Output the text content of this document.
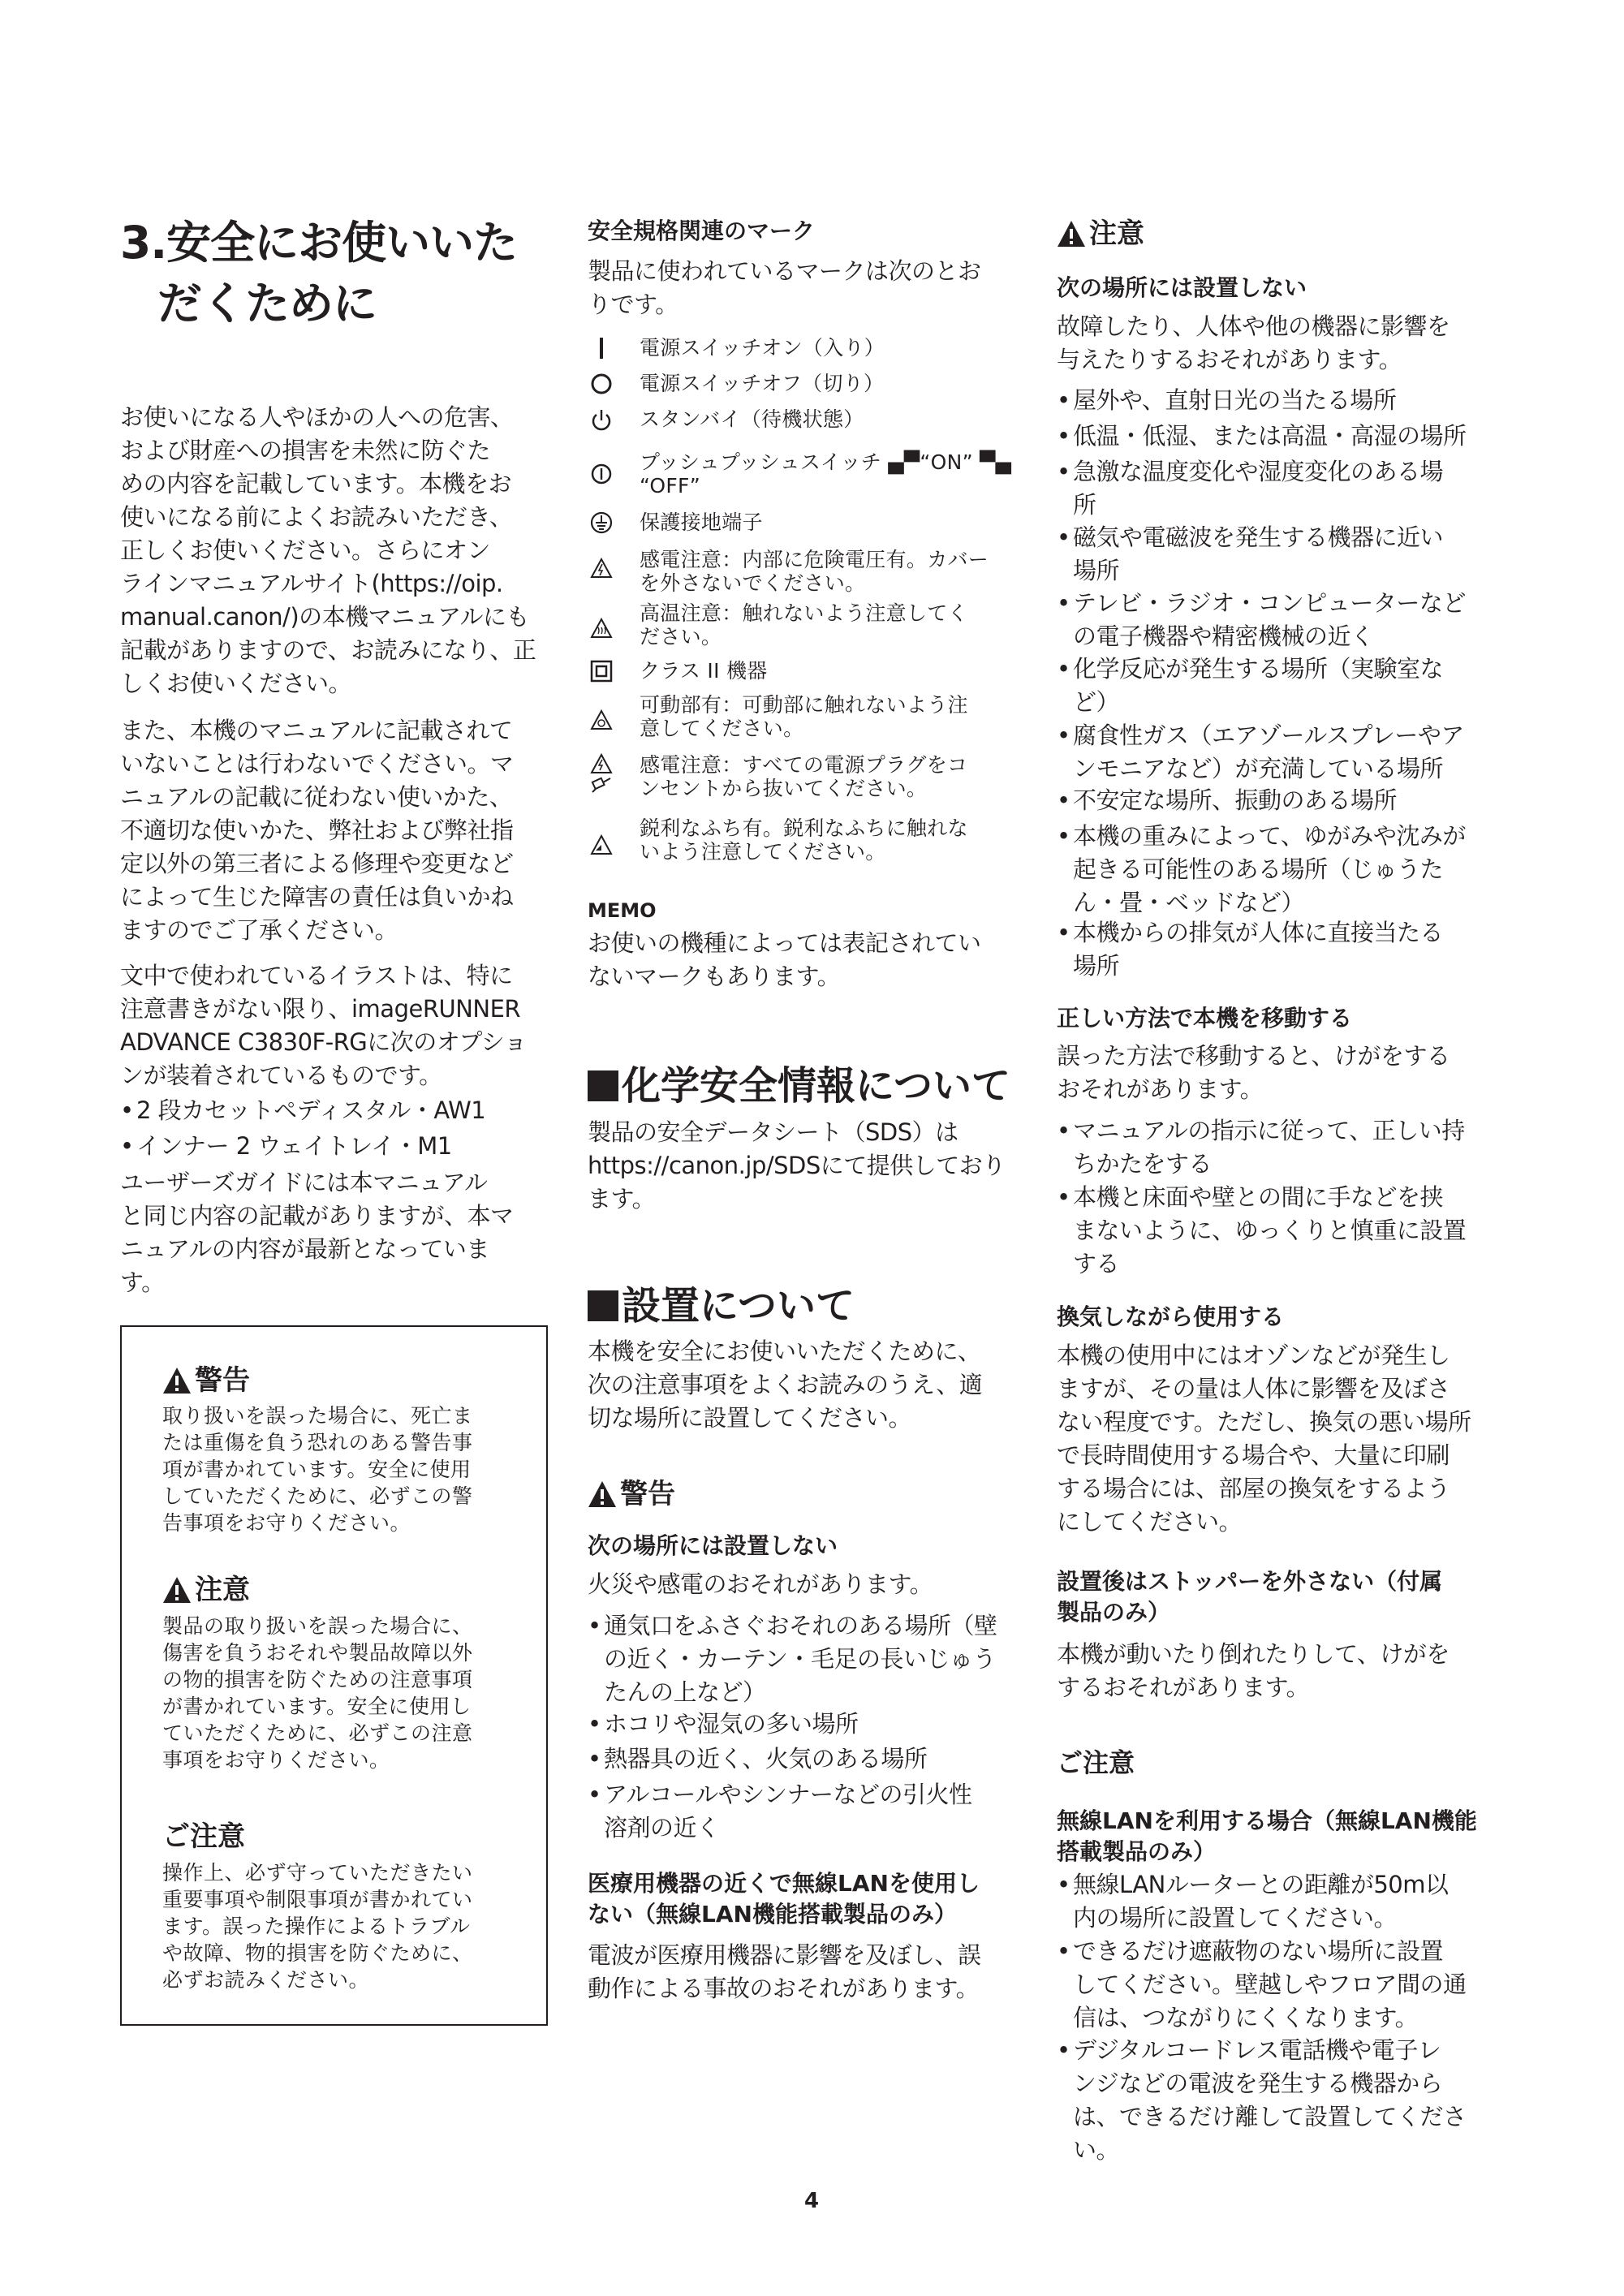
3.安全にお使いいた
だくために
お使いになる人やほかの人への危害、
および財産への損害を未然に防ぐた
めの内容を記載しています。本機をお
使いになる前によくお読みいただき、
正しくお使いください。さらにオン
ラインマニュアルサイト(https://oip.
manual.canon/)の本機マニュアルにも
記載がありますので、お読みになり、正
しくお使いください。
また、本機のマニュアルに記載されて
いないことは行わないでください。マ
ニュアルの記載に従わない使いかた、
不適切な使いかた、弊社および弊社指
定以外の第三者による修理や変更など
によって生じた障害の責任は負いかね
ますのでご了承ください。
文中で使われているイラストは、特に
注意書きがない限り、imageRUNNER
ADVANCE C3830F-RGに次のオプショ
ンが装着されているものです。
• 2 段カセットペディスタル・AW1
• インナー 2 ウェイトレイ・M1
ユーザーズガイドには本マニュアル
と同じ内容の記載がありますが、本マ
ニュアルの内容が最新となっていま
す。
警告
取り扱いを誤った場合に、死亡ま
たは重傷を負う恐れのある警告事
項が書かれています。安全に使用
していただくために、必ずこの警
告事項をお守りください。
注意
製品の取り扱いを誤った場合に、
傷害を負うおそれや製品故障以外
の物的損害を防ぐための注意事項
が書かれています。安全に使用し
ていただくために、必ずこの注意
事項をお守りください。
ご注意
操作上、必ず守っていただきたい
重要事項や制限事項が書かれてい
ます。誤った操作によるトラブル
や故障、物的損害を防ぐために、
必ずお読みください。
安全規格関連のマーク
製品に使われているマークは次のとお
りです。
電源スイッチオン（入り）
電源スイッチオフ（切り）
スタンバイ（待機状態）
プッシュプッシュスイッチ ▄▀“ON” ▀▄
“OFF”
保護接地端子
感電注意：内部に危険電圧有。カバー
を外さないでください。
高温注意：触れないよう注意してく
ださい。
クラス II 機器
可動部有：可動部に触れないよう注
意してください。
感電注意：すべての電源プラグをコ
ンセントから抜いてください。
鋭利なふち有。鋭利なふちに触れな
いよう注意してください。
MEMO
お使いの機種によっては表記されてい
ないマークもあります。
化学安全情報について
製品の安全データシート（SDS）は
https://canon.jp/SDSにて提供しており
ます。
設置について
本機を安全にお使いいただくために、
次の注意事項をよくお読みのうえ、適
切な場所に設置してください。
警告
次の場所には設置しない
火災や感電のおそれがあります。
• 通気口をふさぐおそれのある場所（壁
の近く・カーテン・毛足の長いじゅう
たんの上など）
• ホコリや湿気の多い場所
• 熱器具の近く、火気のある場所
• アルコールやシンナーなどの引火性
溶剤の近く
医療用機器の近くで無線LANを使用し
ない（無線LAN機能搭載製品のみ）
電波が医療用機器に影響を及ぼし、誤
動作による事故のおそれがあります。
注意
次の場所には設置しない
故障したり、人体や他の機器に影響を
与えたりするおそれがあります。
• 屋外や、直射日光の当たる場所
• 低温・低湿、または高温・高湿の場所
• 急激な温度変化や湿度変化のある場
所
• 磁気や電磁波を発生する機器に近い
場所
• テレビ・ラジオ・コンピューターなど
の電子機器や精密機械の近く
• 化学反応が発生する場所（実験室な
ど）
• 腐食性ガス（エアゾールスプレーやア
ンモニアなど）が充満している場所
• 不安定な場所、振動のある場所
• 本機の重みによって、ゆがみや沈みが
起きる可能性のある場所（じゅうた
ん・畳・ベッドなど）
• 本機からの排気が人体に直接当たる
場所
正しい方法で本機を移動する
誤った方法で移動すると、けがをする
おそれがあります。
• マニュアルの指示に従って、正しい持
ちかたをする
• 本機と床面や壁との間に手などを挟
まないように、ゆっくりと慎重に設置
する
換気しながら使用する
本機の使用中にはオゾンなどが発生し
ますが、その量は人体に影響を及ぼさ
ない程度です。ただし、換気の悪い場所
で長時間使用する場合や、大量に印刷
する場合には、部屋の換気をするよう
にしてください。
設置後はストッパーを外さない（付属
製品のみ）
本機が動いたり倒れたりして、けがを
するおそれがあります。
ご注意
無線LANを利用する場合（無線LAN機能
搭載製品のみ）
• 無線LANルーターとの距離が50m以
内の場所に設置してください。
• できるだけ遮蔽物のない場所に設置
してください。壁越しやフロア間の通
信は、つながりにくくなります。
• デジタルコードレス電話機や電子レ
ンジなどの電波を発生する機器から
は、できるだけ離して設置してくださ
い。
4
